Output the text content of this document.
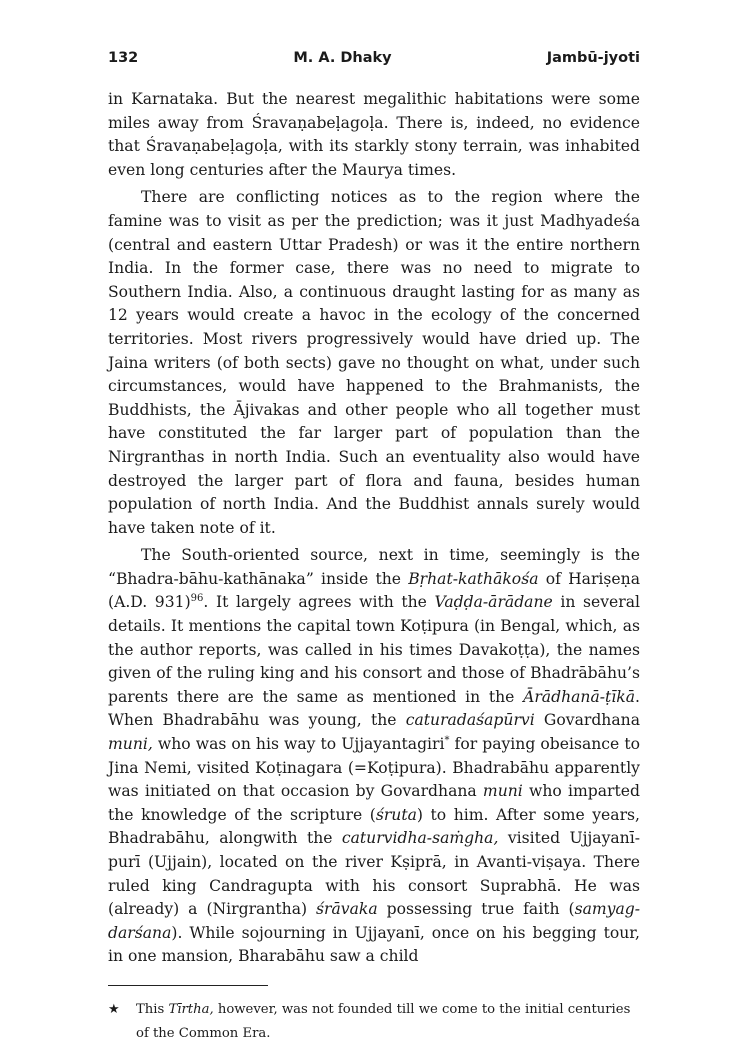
132	M. A. Dhaky	Jambū-jyoti

in Karnataka. But the nearest megalithic habitations were some miles away from Śravaṇabeḷagoḷa. There is, indeed, no evidence that Śravaṇabeḷagoḷa, with its starkly stony terrain, was inhabited even long centuries after the Maurya times.

There are conflicting notices as to the region where the famine was to visit as per the prediction; was it just Madhyadeśa (central and eastern Uttar Pradesh) or was it the entire northern India. In the former case, there was no need to migrate to Southern India. Also, a continuous draught lasting for as many as 12 years would create a havoc in the ecology of the concerned territories. Most rivers progressively would have dried up. The Jaina writers (of both sects) gave no thought on what, under such circumstances, would have happened to the Brahmanists, the Buddhists, the Ājivakas and other people who all together must have constituted the far larger part of population than the Nirgranthas in north India. Such an eventuality also would have destroyed the larger part of flora and fauna, besides human population of north India. And the Buddhist annals surely would have taken note of it.

The South-oriented source, next in time, seemingly is the “Bhadra-bāhu-kathānaka” inside the Bṛhat-kathākośa of Hariṣeṇa (A.D. 931)$^{96}$. It largely agrees with the Vaḍḍa-ārādane in several details. It mentions the capital town Koṭipura (in Bengal, which, as the author reports, was called in his times Davakoṭṭa), the names given of the ruling king and his consort and those of Bhadrābāhu’s parents there are the same as mentioned in the Ārādhanā-ṭīkā. When Bhadrabāhu was young, the caturadaśapūrvi Govardhana muni, who was on his way to Ujjayantagiri* for paying obeisance to Jina Nemi, visited Koṭinagara (=Koṭipura). Bhadrabāhu apparently was initiated on that occasion by Govardhana muni who imparted the knowledge of the scripture (śruta) to him. After some years, Bhadrabāhu, alongwith the caturvidha-saṁgha, visited Ujjayanī-purī (Ujjain), located on the river Kṣiprā, in Avanti-viṣaya. There ruled king Candragupta with his consort Suprabhā. He was (already) a (Nirgrantha) śrāvaka possessing true faith (samyag-darśana). While sojourning in Ujjayanī, once on his begging tour, in one mansion, Bharabāhu saw a child

★	This Tīrtha, however, was not founded till we come to the initial centuries of the Common Era.
